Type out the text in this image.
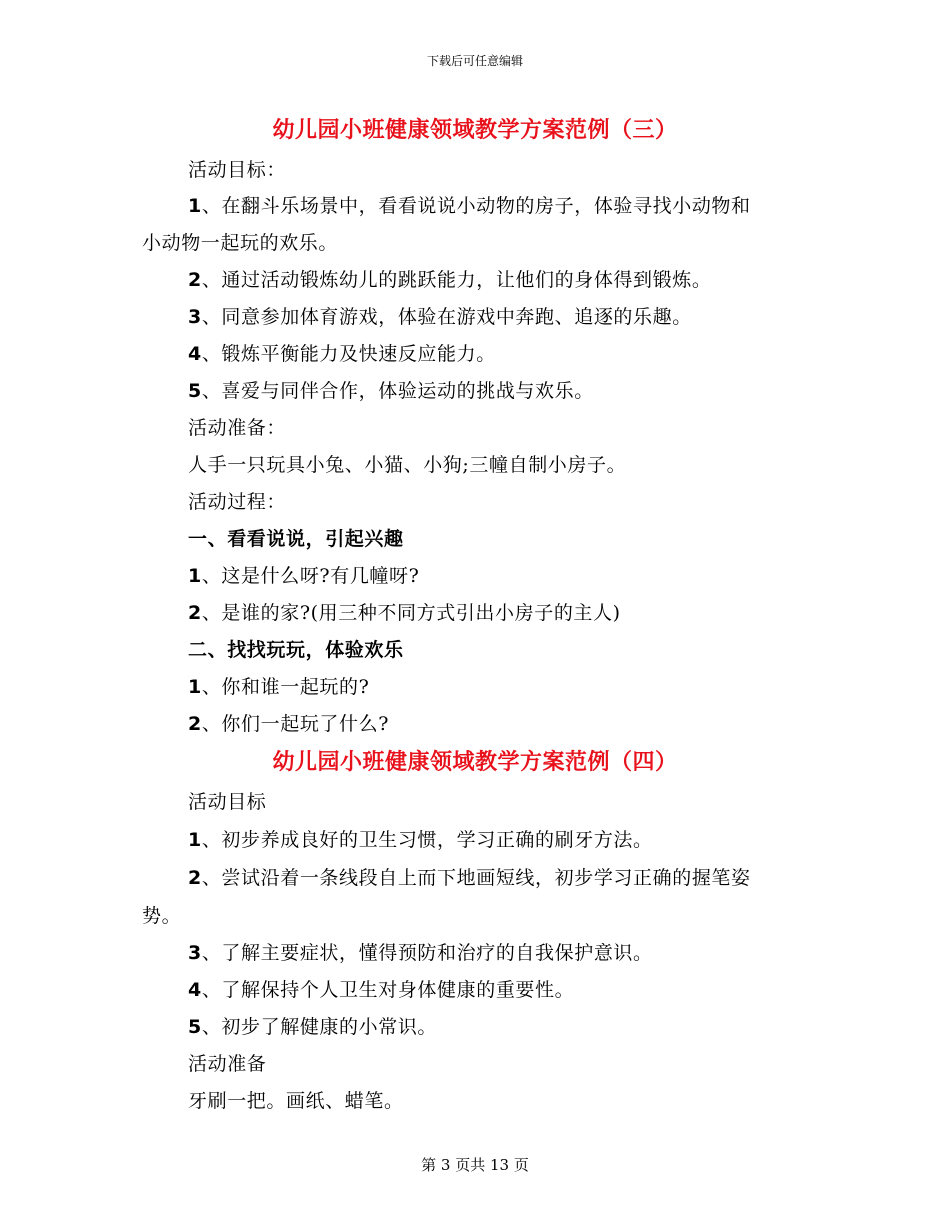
下载后可任意编辑
幼儿园小班健康领域教学方案范例（三）
活动目标：
1、在翻斗乐场景中，看看说说小动物的房子，体验寻找小动物和
小动物一起玩的欢乐。
2、通过活动锻炼幼儿的跳跃能力，让他们的身体得到锻炼。
3、同意参加体育游戏，体验在游戏中奔跑、追逐的乐趣。
4、锻炼平衡能力及快速反应能力。
5、喜爱与同伴合作，体验运动的挑战与欢乐。
活动准备：
人手一只玩具小兔、小猫、小狗;三幢自制小房子。
活动过程：
一、看看说说，引起兴趣
1、这是什么呀?有几幢呀?
2、是谁的家?(用三种不同方式引出小房子的主人)
二、找找玩玩，体验欢乐
1、你和谁一起玩的?
2、你们一起玩了什么?
幼儿园小班健康领域教学方案范例（四）
活动目标
1、初步养成良好的卫生习惯，学习正确的刷牙方法。
2、尝试沿着一条线段自上而下地画短线，初步学习正确的握笔姿
势。
3、了解主要症状，懂得预防和治疗的自我保护意识。
4、了解保持个人卫生对身体健康的重要性。
5、初步了解健康的小常识。
活动准备
牙刷一把。画纸、蜡笔。
第 3 页共 13 页
